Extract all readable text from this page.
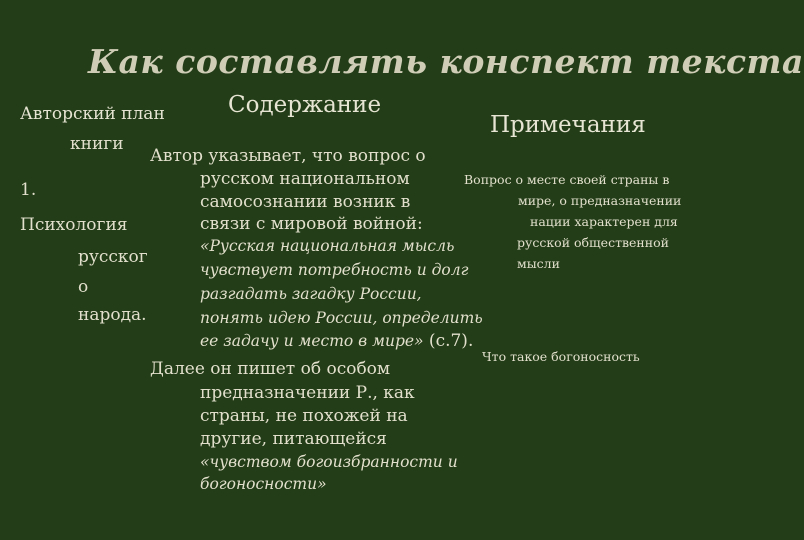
Как составлять конспект текста
Авторский план	Содержание
Примечания
книги
1.
Психология
русског
о
народа.
Автор указывает, что вопрос о
русском национальном
самосознании возник в
связи с мировой войной:
«Русская национальная мысль
чувствует потребность и долг
разгадать загадку России,
понять идею России, определить
ее задачу и место в мире» (с.7).
Далее он пишет об особом
предназначении Р., как
страны, не похожей на
другие, питающейся
«чувством богоизбранности и
богоносности»
Вопрос о месте своей страны в
мире, о предназначении
нации характерен для
русской общественной
мысли
Что такое богоносность
